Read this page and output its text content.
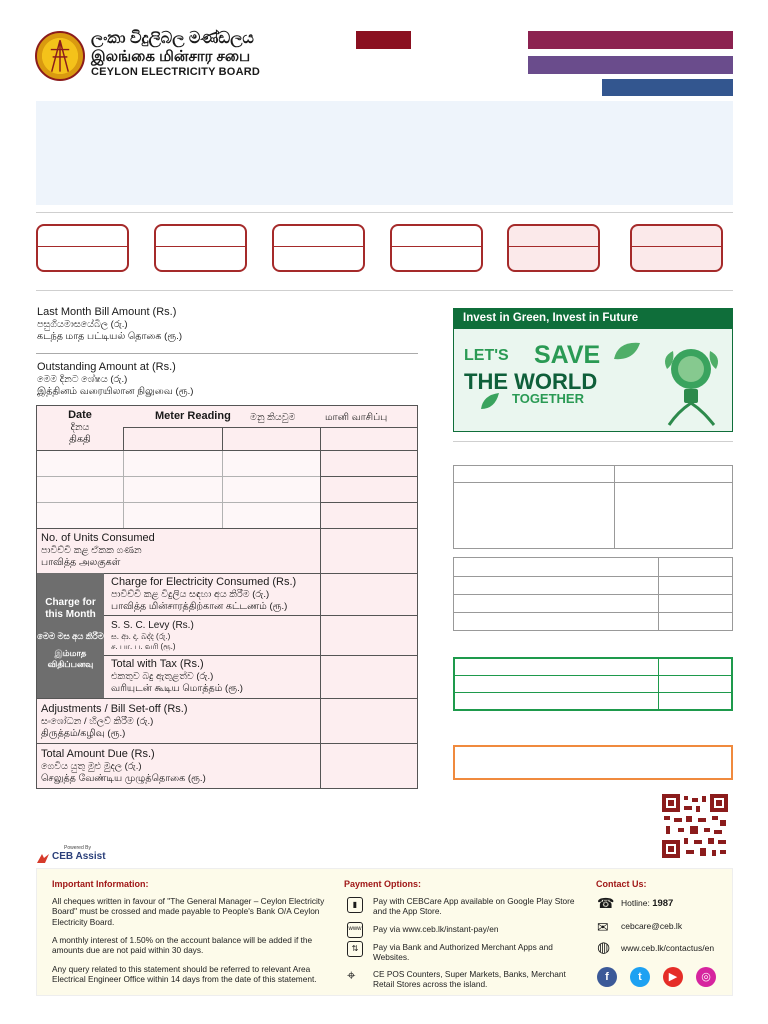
ලංකා විදුලිබල මණ්ඩලය
இலங்கை மின்சார சபை
CEYLON ELECTRICITY BOARD
Last Month Bill Amount (Rs.)
පසුගියමාසයේබිල (රු.)
கடந்த மாத பட்டியல் தொகை (ரூ.)
Outstanding Amount at (Rs.)
මෙම දිනට ශේෂය (රු.)
இத்தினம் வரையிலான நிலுவை (ரூ.)
Date
දිනය
திகதி
Meter Reading මනු කියවුම	மானி வாசிப்பு
No. of Units Consumed
පාවිච්චි කළ ඒකක ගණන
பாவித்த அலகுகள்
Charge for this Month
මෙම මස අය කිරීම
இம்மாத விதிப்பனவு
Charge for Electricity Consumed (Rs.)
පාවිච්චි කළ විදුලිය සඳහා අය කිරීම (රු.)
பாவித்த மின்சாரத்திற்கான கட்டணம் (ரூ.)
S. S. C. Levy (Rs.)
ස. ආ. දා. බද්ද (රු.)
ச. பா. ப. வரி (ரூ.)
Total with Tax (Rs.)
එකතුව බදු ඇතුළත්ව (රු.)
வரியுடன் கூடிய மொத்தம் (ரூ.)
Adjustments / Bill Set-off (Rs.)
සංශෝධන / හිලව් කිරීම (රු.)
திருத்தம்/கழிவு (ரூ.)
Total Amount Due (Rs.)
ගෙවිය යුතු මුළු මුදල (රු.)
செலுத்த வேண்டிய முழுத்தொகை (ரூ.)
Invest in Green, Invest in Future
LET'S SAVE
THE WORLD
TOGETHER
Powered By
CEB Assist
Important Information:

All cheques written in favour of "The General Manager – Ceylon Electricity Board" must be crossed and made payable to People's Bank O/A Ceylon Electricity Board.

A monthly interest of 1.50% on the account balance will be added if the amounts due are not paid within 30 days.

Any query related to this statement should be referred to relevant Area Electrical Engineer Office within 14 days from the date of this statement.

Payment Options:
▮	Pay with CEBCare App available on Google Play Store and the App Store.

www Pay via www.ceb.lk/instant-pay/en

⇅	Pay via Bank and Authorized Merchant Apps and Websites.

⌖ CE POS Counters, Super Markets, Banks, Merchant Retail Stores across the island.

Contact Us:
☎ Hotline: 1987
✉ cebcare@ceb.lk
◍ www.ceb.lk/contactus/en
f	t	▶	◎
